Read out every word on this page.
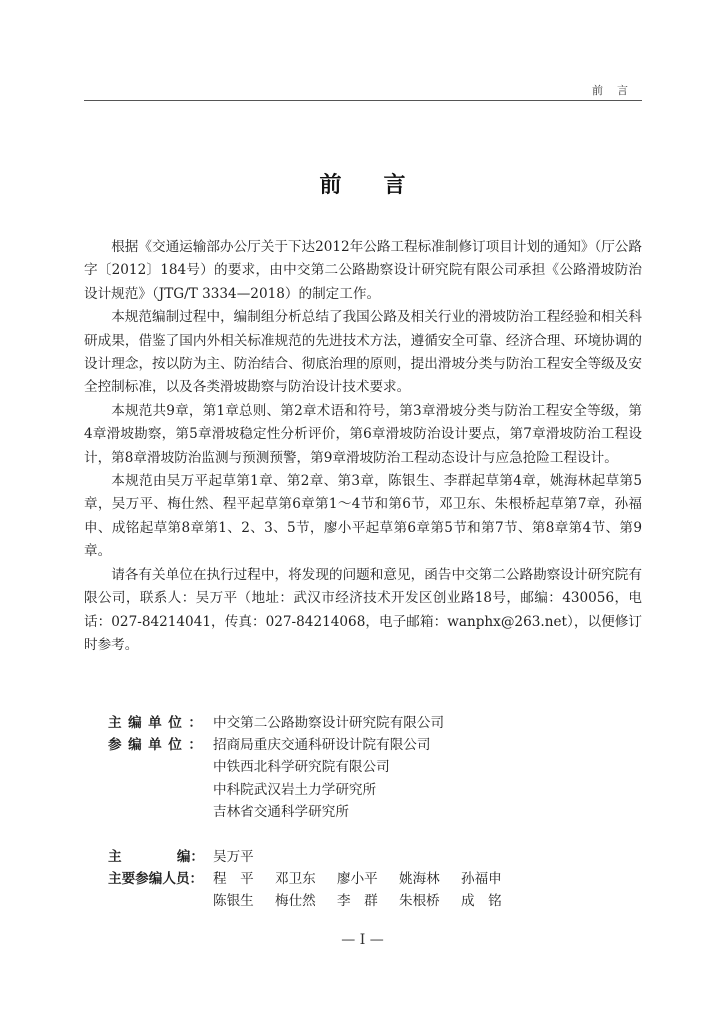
前言
前言

根据《交通运输部办公厅关于下达2012年公路工程标准制修订项目计划的通知》（厅公路字〔2012〕184号）的要求，由中交第二公路勘察设计研究院有限公司承担《公路滑坡防治设计规范》（JTG/T 3334—2018）的制定工作。

本规范编制过程中，编制组分析总结了我国公路及相关行业的滑坡防治工程经验和相关科研成果，借鉴了国内外相关标准规范的先进技术方法，遵循安全可靠、经济合理、环境协调的设计理念，按以防为主、防治结合、彻底治理的原则，提出滑坡分类与防治工程安全等级及安全控制标准，以及各类滑坡勘察与防治设计技术要求。

本规范共9章，第1章总则、第2章术语和符号，第3章滑坡分类与防治工程安全等级，第4章滑坡勘察，第5章滑坡稳定性分析评价，第6章滑坡防治设计要点，第7章滑坡防治工程设计，第8章滑坡防治监测与预测预警，第9章滑坡防治工程动态设计与应急抢险工程设计。

本规范由吴万平起草第1章、第2章、第3章，陈银生、李群起草第4章，姚海林起草第5章，吴万平、梅仕然、程平起草第6章第1～4节和第6节，邓卫东、朱根桥起草第7章，孙福申、成铭起草第8章第1、2、3、5节，廖小平起草第6章第5节和第7节、第8章第4节、第9章。

请各有关单位在执行过程中，将发现的问题和意见，函告中交第二公路勘察设计研究院有限公司，联系人：吴万平（地址：武汉市经济技术开发区创业路18号，邮编：430056，电话：027-84214041，传真：027-84214068，电子邮箱：wanphx@263.net），以便修订时参考。

主编单位： 中交第二公路勘察设计研究院有限公司
参编单位： 招商局重庆交通科研设计院有限公司
中铁西北科学研究院有限公司
中科院武汉岩土力学研究所
吉林省交通科学研究所
主	编： 吴万平
主要参编人员： 程　平	邓卫东	廖小平	姚海林	孙福申
陈银生	梅仕然	李　群	朱根桥	成　铭
— Ⅰ —
